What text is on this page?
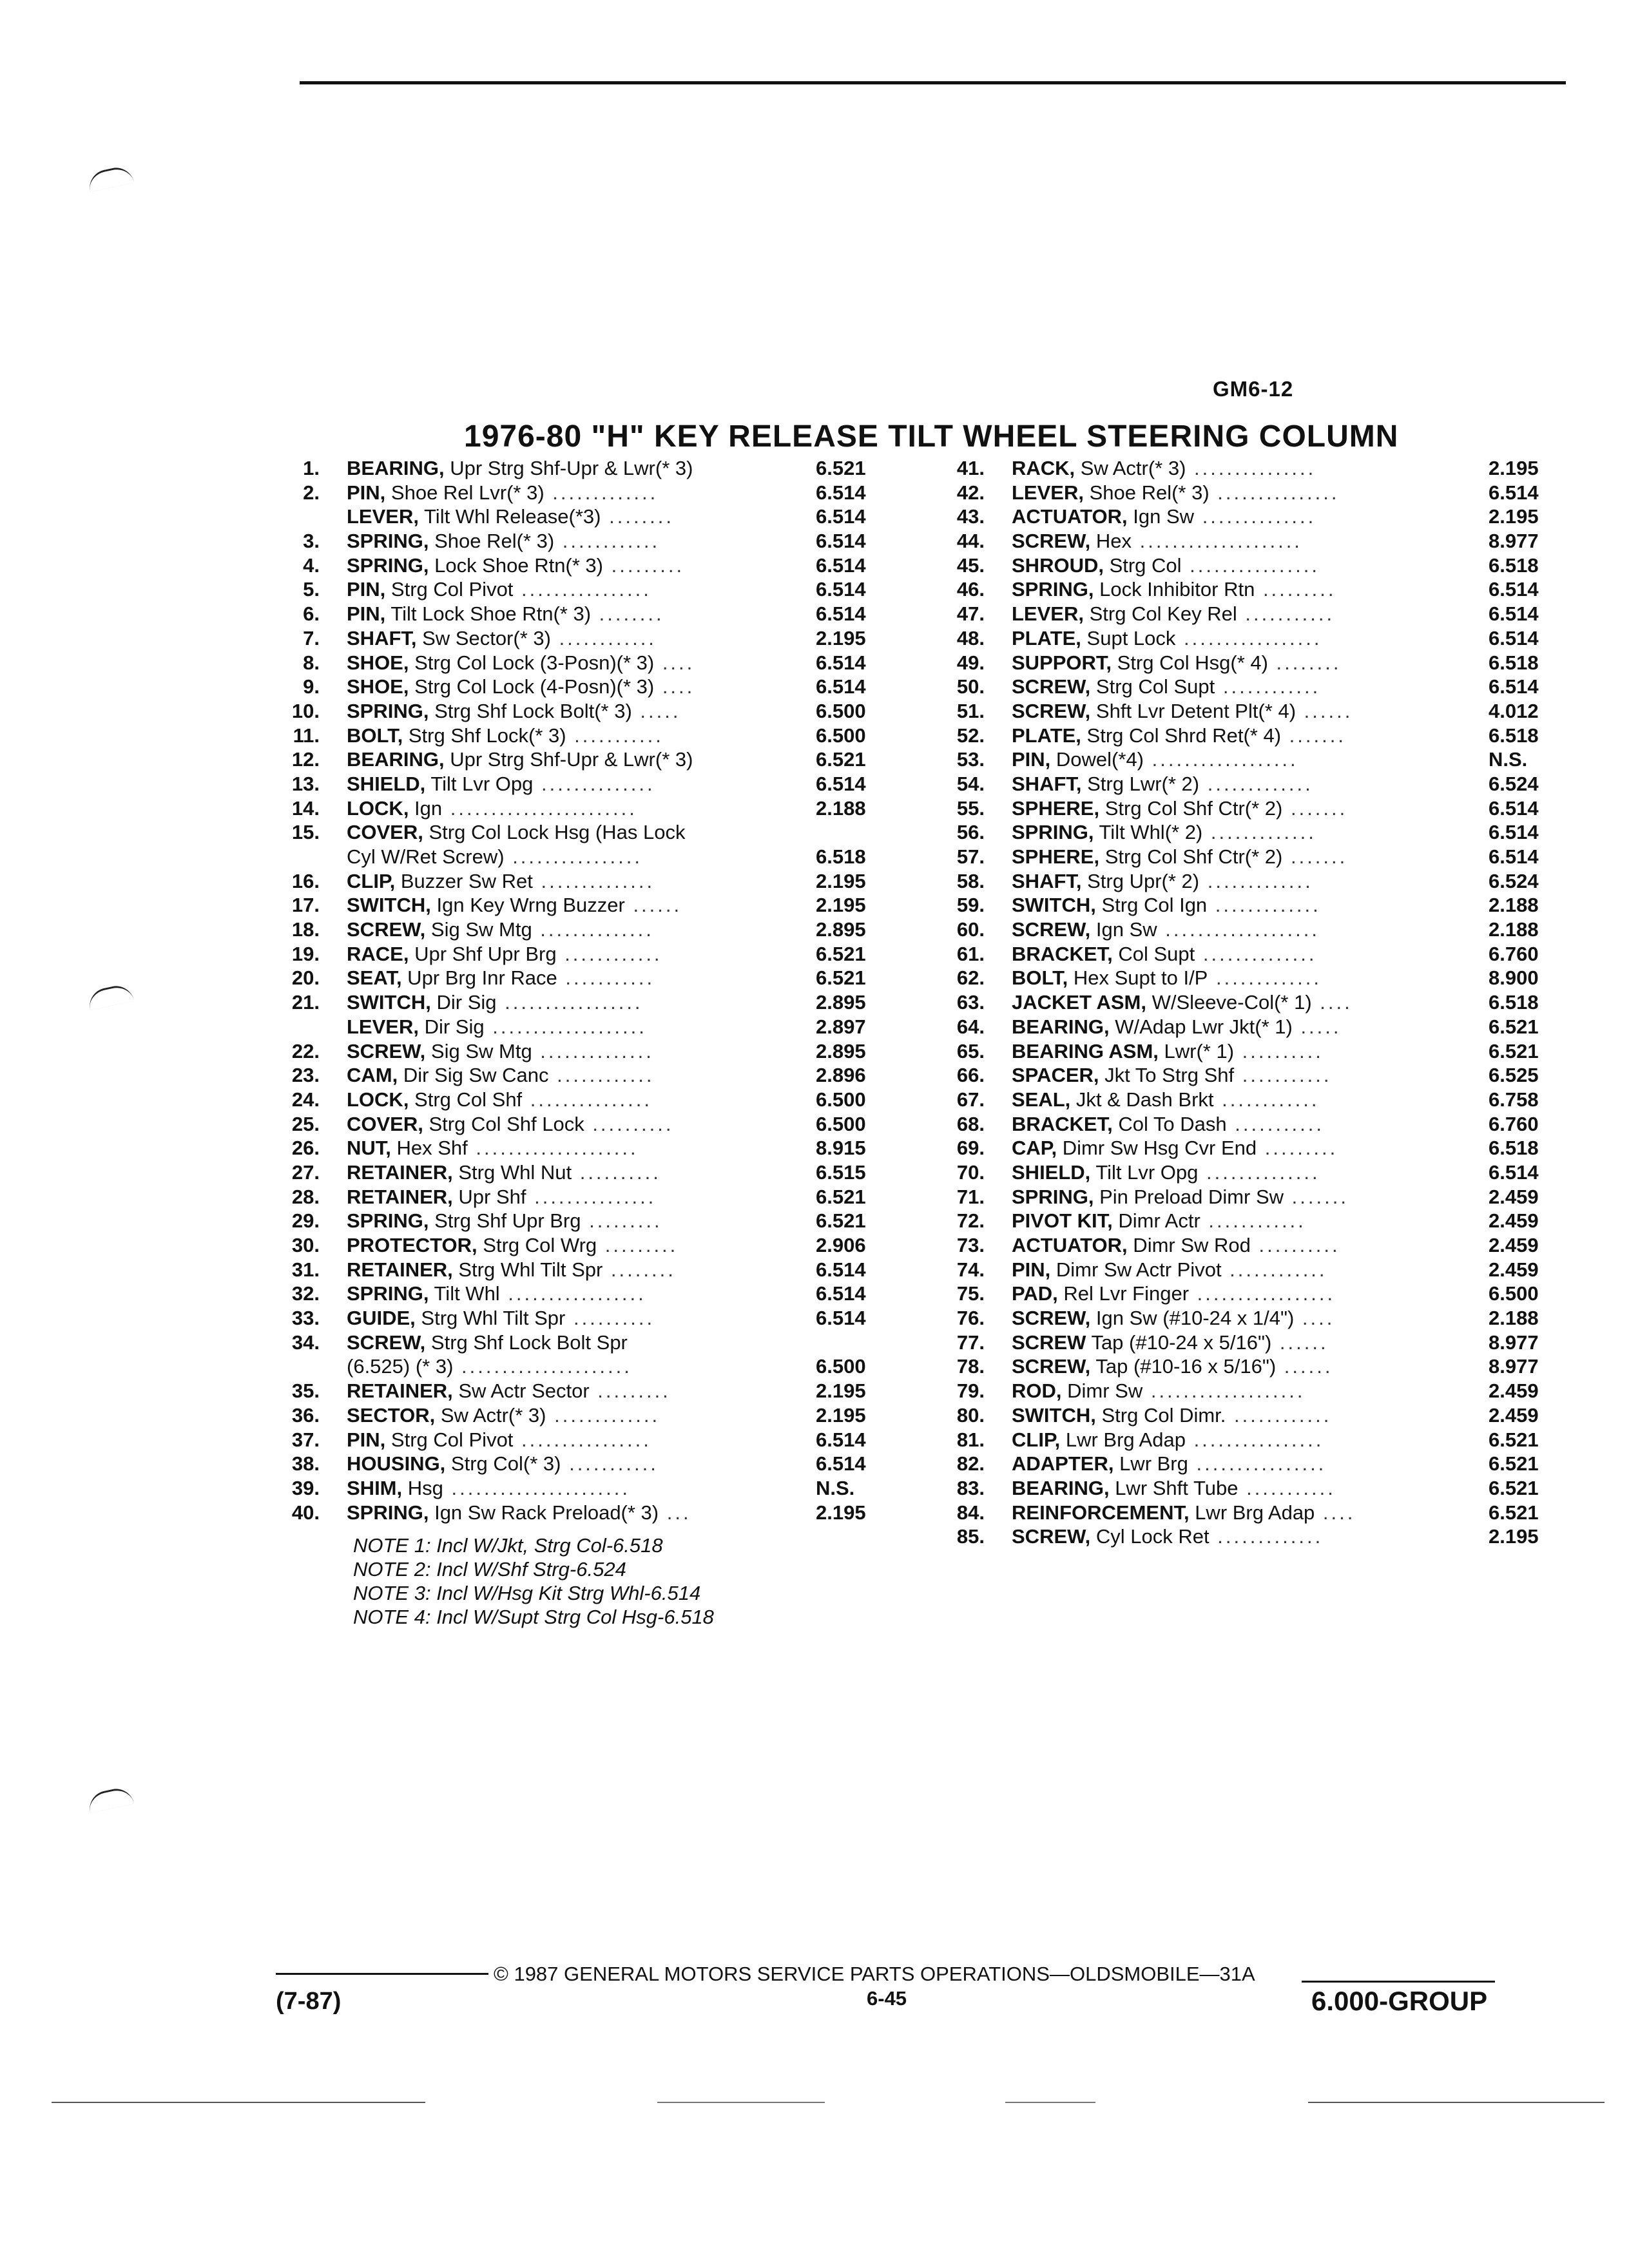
GM6-12
1976-80 "H" KEY RELEASE TILT WHEEL STEERING COLUMN
1. BEARING, Upr Strg Shf-Upr & Lwr(* 3)	6.521
2. PIN, Shoe Rel Lvr(* 3) .............	6.514
LEVER, Tilt Whl Release(*3) ........	6.514
3. SPRING, Shoe Rel(* 3) ............	6.514
4. SPRING, Lock Shoe Rtn(* 3) .........	6.514
5. PIN, Strg Col Pivot ................	6.514
6. PIN, Tilt Lock Shoe Rtn(* 3) ........	6.514
7. SHAFT, Sw Sector(* 3) ............	2.195
8. SHOE, Strg Col Lock (3-Posn)(* 3) ....	6.514
9. SHOE, Strg Col Lock (4-Posn)(* 3) ....	6.514
10. SPRING, Strg Shf Lock Bolt(* 3) .....	6.500
11. BOLT, Strg Shf Lock(* 3) ...........	6.500
12. BEARING, Upr Strg Shf-Upr & Lwr(* 3)	6.521
13. SHIELD, Tilt Lvr Opg ..............	6.514
14. LOCK, Ign .......................	2.188
15. COVER, Strg Col Lock Hsg (Has Lock
Cyl W/Ret Screw) ................	6.518
16. CLIP, Buzzer Sw Ret ..............	2.195
17. SWITCH, Ign Key Wrng Buzzer ......	2.195
18. SCREW, Sig Sw Mtg ..............	2.895
19. RACE, Upr Shf Upr Brg ............	6.521
20. SEAT, Upr Brg Inr Race ...........	6.521
21. SWITCH, Dir Sig .................	2.895
LEVER, Dir Sig ...................	2.897
22. SCREW, Sig Sw Mtg ..............	2.895
23. CAM, Dir Sig Sw Canc ............	2.896
24. LOCK, Strg Col Shf ...............	6.500
25. COVER, Strg Col Shf Lock ..........	6.500
26. NUT, Hex Shf ....................	8.915
27. RETAINER, Strg Whl Nut ..........	6.515
28. RETAINER, Upr Shf ...............	6.521
29. SPRING, Strg Shf Upr Brg .........	6.521
30. PROTECTOR, Strg Col Wrg .........	2.906
31. RETAINER, Strg Whl Tilt Spr ........	6.514
32. SPRING, Tilt Whl .................	6.514
33. GUIDE, Strg Whl Tilt Spr ..........	6.514
34. SCREW, Strg Shf Lock Bolt Spr
(6.525) (* 3) .....................	6.500
35. RETAINER, Sw Actr Sector .........	2.195
36. SECTOR, Sw Actr(* 3) .............	2.195
37. PIN, Strg Col Pivot ................	6.514
38. HOUSING, Strg Col(* 3) ...........	6.514
39. SHIM, Hsg ......................	N.S.
40. SPRING, Ign Sw Rack Preload(* 3) ...	2.195
41. RACK, Sw Actr(* 3) ...............	2.195
42. LEVER, Shoe Rel(* 3) ...............	6.514
43. ACTUATOR, Ign Sw ..............	2.195
44. SCREW, Hex ....................	8.977
45. SHROUD, Strg Col ................	6.518
46. SPRING, Lock Inhibitor Rtn .........	6.514
47. LEVER, Strg Col Key Rel ...........	6.514
48. PLATE, Supt Lock .................	6.514
49. SUPPORT, Strg Col Hsg(* 4) ........	6.518
50. SCREW, Strg Col Supt ............	6.514
51. SCREW, Shft Lvr Detent Plt(* 4) ......	4.012
52. PLATE, Strg Col Shrd Ret(* 4) .......	6.518
53. PIN, Dowel(*4) ..................	N.S.
54. SHAFT, Strg Lwr(* 2) .............	6.524
55. SPHERE, Strg Col Shf Ctr(* 2) .......	6.514
56. SPRING, Tilt Whl(* 2) .............	6.514
57. SPHERE, Strg Col Shf Ctr(* 2) .......	6.514
58. SHAFT, Strg Upr(* 2) .............	6.524
59. SWITCH, Strg Col Ign .............	2.188
60. SCREW, Ign Sw ...................	2.188
61. BRACKET, Col Supt ..............	6.760
62. BOLT, Hex Supt to I/P .............	8.900
63. JACKET ASM, W/Sleeve-Col(* 1) ....	6.518
64. BEARING, W/Adap Lwr Jkt(* 1) .....	6.521
65. BEARING ASM, Lwr(* 1) ..........	6.521
66. SPACER, Jkt To Strg Shf ...........	6.525
67. SEAL, Jkt & Dash Brkt ............	6.758
68. BRACKET, Col To Dash ...........	6.760
69. CAP, Dimr Sw Hsg Cvr End .........	6.518
70. SHIELD, Tilt Lvr Opg ..............	6.514
71. SPRING, Pin Preload Dimr Sw .......	2.459
72. PIVOT KIT, Dimr Actr ............	2.459
73. ACTUATOR, Dimr Sw Rod ..........	2.459
74. PIN, Dimr Sw Actr Pivot ............	2.459
75. PAD, Rel Lvr Finger .................	6.500
76. SCREW, Ign Sw (#10-24 x 1/4") ....	2.188
77. SCREW Tap (#10-24 x 5/16") ......	8.977
78. SCREW, Tap (#10-16 x 5/16") ......	8.977
79. ROD, Dimr Sw ...................	2.459
80. SWITCH, Strg Col Dimr. ............	2.459
81. CLIP, Lwr Brg Adap ................	6.521
82. ADAPTER, Lwr Brg ................	6.521
83. BEARING, Lwr Shft Tube ...........	6.521
84. REINFORCEMENT, Lwr Brg Adap ....	6.521
85. SCREW, Cyl Lock Ret .............	2.195
NOTE 1: Incl W/Jkt, Strg Col-6.518
NOTE 2: Incl W/Shf Strg-6.524
NOTE 3: Incl W/Hsg Kit Strg Whl-6.514
NOTE 4: Incl W/Supt Strg Col Hsg-6.518
(7-87)
© 1987 GENERAL MOTORS SERVICE PARTS OPERATIONS—OLDSMOBILE—31A
6-45	6.000-GROUP
